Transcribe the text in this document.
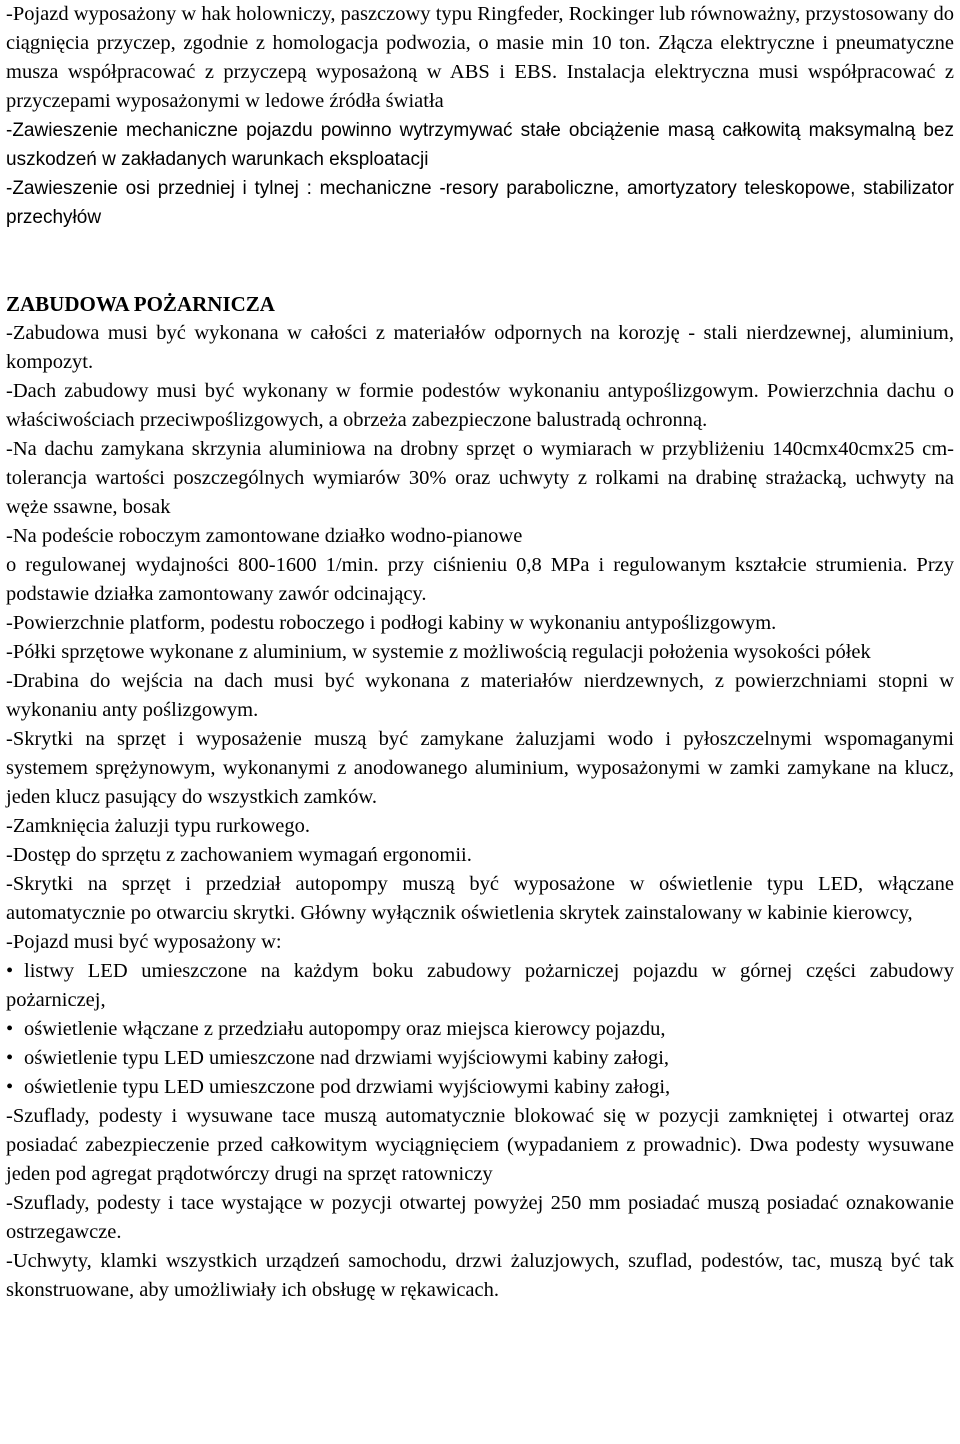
-Pojazd wyposażony w hak holowniczy, paszczowy typu Ringfeder, Rockinger lub równoważny, przystosowany do ciągnięcia przyczep, zgodnie z homologacja podwozia, o masie min 10 ton. Złącza elektryczne i pneumatyczne musza współpracować z przyczepą wyposażoną w ABS i EBS. Instalacja elektryczna musi współpracować z przyczepami wyposażonymi w ledowe źródła światła

-Zawieszenie mechaniczne pojazdu powinno wytrzymywać stałe obciążenie masą całkowitą maksymalną bez uszkodzeń w zakładanych warunkach eksploatacji

-Zawieszenie osi przedniej i tylnej : mechaniczne -resory paraboliczne, amortyzatory teleskopowe, stabilizator przechyłów

ZABUDOWA POŻARNICZA

-Zabudowa musi być wykonana w całości z materiałów odpornych na korozję - stali nierdzewnej, aluminium, kompozyt.

-Dach zabudowy musi być wykonany w formie podestów wykonaniu antypoślizgowym. Powierzchnia dachu o właściwościach przeciwpoślizgowych, a obrzeża zabezpieczone balustradą ochronną.

-Na dachu zamykana skrzynia aluminiowa na drobny sprzęt o wymiarach w przybliżeniu 140cmx40cmx25 cm- tolerancja wartości poszczególnych wymiarów 30% oraz uchwyty z rolkami na drabinę strażacką, uchwyty na węże ssawne, bosak

-Na podeście roboczym zamontowane działko wodno-pianowe

o regulowanej wydajności 800-1600 1/min. przy ciśnieniu 0,8 MPa i regulowanym kształcie strumienia. Przy podstawie działka zamontowany zawór odcinający.

-Powierzchnie platform, podestu roboczego i podłogi kabiny w wykonaniu antypoślizgowym.

-Półki sprzętowe wykonane z aluminium, w systemie z możliwością regulacji położenia wysokości półek

-Drabina do wejścia na dach musi być wykonana z materiałów nierdzewnych, z powierzchniami stopni w wykonaniu anty poślizgowym.

-Skrytki na sprzęt i wyposażenie muszą być zamykane żaluzjami wodo i pyłoszczelnymi wspomaganymi systemem sprężynowym, wykonanymi z anodowanego aluminium, wyposażonymi w zamki zamykane na klucz, jeden klucz pasujący do wszystkich zamków.

-Zamknięcia żaluzji typu rurkowego.

-Dostęp do sprzętu z zachowaniem wymagań ergonomii.

-Skrytki na sprzęt i przedział autopompy muszą być wyposażone w oświetlenie typu LED, włączane automatycznie po otwarciu skrytki. Główny wyłącznik oświetlenia skrytek zainstalowany w kabinie kierowcy,

-Pojazd musi być wyposażony w:

• listwy LED umieszczone na każdym boku zabudowy pożarniczej pojazdu w górnej części zabudowy pożarniczej,

• oświetlenie włączane z przedziału autopompy oraz miejsca kierowcy pojazdu,

• oświetlenie typu LED umieszczone nad drzwiami wyjściowymi kabiny załogi,

• oświetlenie typu LED umieszczone pod drzwiami wyjściowymi kabiny załogi,

-Szuflady, podesty i wysuwane tace muszą automatycznie blokować się w pozycji zamkniętej i otwartej oraz posiadać zabezpieczenie przed całkowitym wyciągnięciem (wypadaniem z prowadnic). Dwa podesty wysuwane jeden pod agregat prądotwórczy drugi na sprzęt ratowniczy

-Szuflady, podesty i tace wystające w pozycji otwartej powyżej 250 mm posiadać muszą posiadać oznakowanie ostrzegawcze.

-Uchwyty, klamki wszystkich urządzeń samochodu, drzwi żaluzjowych, szuflad, podestów, tac, muszą być tak skonstruowane, aby umożliwiały ich obsługę w rękawicach.
